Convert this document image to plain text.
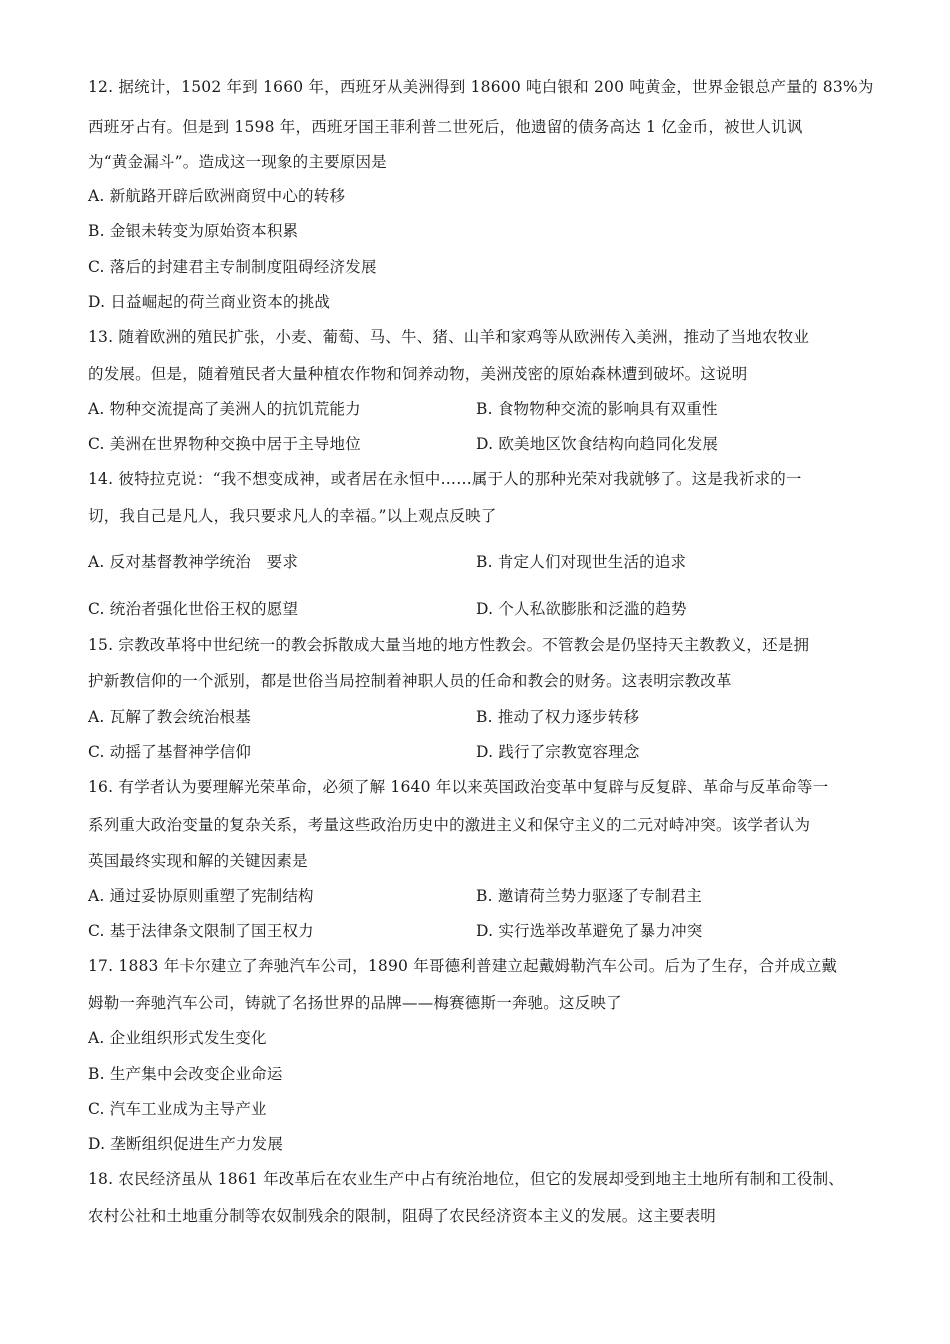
12. 据统计，1502 年到 1660 年，西班牙从美洲得到 18600 吨白银和 200 吨黄金，世界金银总产量的 83%为
西班牙占有。但是到 1598 年，西班牙国王菲利普二世死后，他遗留的债务高达 1 亿金币，被世人讥讽
为“黄金漏斗”。造成这一现象的主要原因是
A. 新航路开辟后欧洲商贸中心的转移
B. 金银未转变为原始资本积累
C. 落后的封建君主专制制度阻碍经济发展
D. 日益崛起的荷兰商业资本的挑战
13. 随着欧洲的殖民扩张，小麦、葡萄、马、牛、猪、山羊和家鸡等从欧洲传入美洲，推动了当地农牧业
的发展。但是，随着殖民者大量种植农作物和饲养动物，美洲茂密的原始森林遭到破坏。这说明
A. 物种交流提高了美洲人的抗饥荒能力	B. 食物物种交流的影响具有双重性
C. 美洲在世界物种交换中居于主导地位	D. 欧美地区饮食结构向趋同化发展
14. 彼特拉克说：“我不想变成神，或者居在永恒中……属于人的那种光荣对我就够了。这是我祈求的一
切，我自己是凡人，我只要求凡人的幸福。”以上观点反映了
A. 反对基督教神学统治　要求	B. 肯定人们对现世生活的追求
C. 统治者强化世俗王权的愿望	D. 个人私欲膨胀和泛滥的趋势
15. 宗教改革将中世纪统一的教会拆散成大量当地的地方性教会。不管教会是仍坚持天主教教义，还是拥
护新教信仰的一个派别，都是世俗当局控制着神职人员的任命和教会的财务。这表明宗教改革
A. 瓦解了教会统治根基	B. 推动了权力逐步转移
C. 动摇了基督神学信仰	D. 践行了宗教宽容理念
16. 有学者认为要理解光荣革命，必须了解 1640 年以来英国政治变革中复辟与反复辟、革命与反革命等一
系列重大政治变量的复杂关系，考量这些政治历史中的激进主义和保守主义的二元对峙冲突。该学者认为
英国最终实现和解的关键因素是
A. 通过妥协原则重塑了宪制结构	B. 邀请荷兰势力驱逐了专制君主
C. 基于法律条文限制了国王权力	D. 实行选举改革避免了暴力冲突
17. 1883 年卡尔建立了奔驰汽车公司，1890 年哥德利普建立起戴姆勒汽车公司。后为了生存，合并成立戴
姆勒一奔驰汽车公司，铸就了名扬世界的品牌——梅赛德斯一奔驰。这反映了
A. 企业组织形式发生变化
B. 生产集中会改变企业命运
C. 汽车工业成为主导产业
D. 垄断组织促进生产力发展
18. 农民经济虽从 1861 年改革后在农业生产中占有统治地位，但它的发展却受到地主土地所有制和工役制、
农村公社和土地重分制等农奴制残余的限制，阻碍了农民经济资本主义的发展。这主要表明
